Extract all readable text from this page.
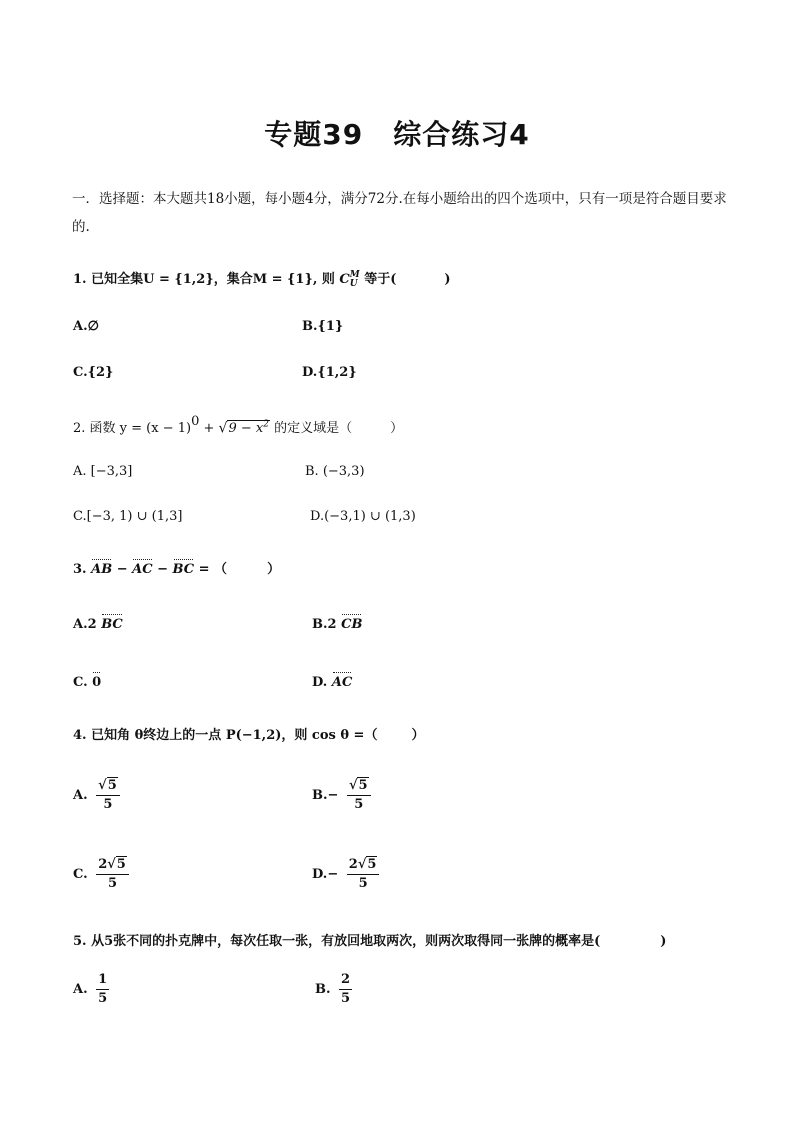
专题39 综合练习4
一．选择题：本大题共18小题，每小题4分，满分72分.在每小题给出的四个选项中，只有一项是符合题目要求的.
1. 已知全集U = {1,2}，集合M = {1}, 则 C M
U 等于(	)
A.∅	B.{1}
C.{2}	D.{1,2}
2. 函数 $y = (x - 1)0 + √9 - x^2$ 的定义域是（	）
A. [−3,3]	B. (−3,3)
C.[−3, 1) ∪ (1,3]	D.(−3,1) ∪ (1,3)
3. AB − AC − BC = （	）
A.2 BC	B.2 CB
C. 0	D. AC
4. 已知角 θ终边上的一点 P(−1,2)，则 cos θ =（	）
A. $\frac{√5}{5}$	$B.- \frac{√5}{5}$
C. $\frac{2√5}{5}$	$D.- \frac{2√5}{5}$
5. 从5张不同的扑克牌中，每次任取一张，有放回地取两次，则两次取得同一张牌的概率是(	)
A. $\frac{1}{5}$	B. $\frac{2}{5}$
